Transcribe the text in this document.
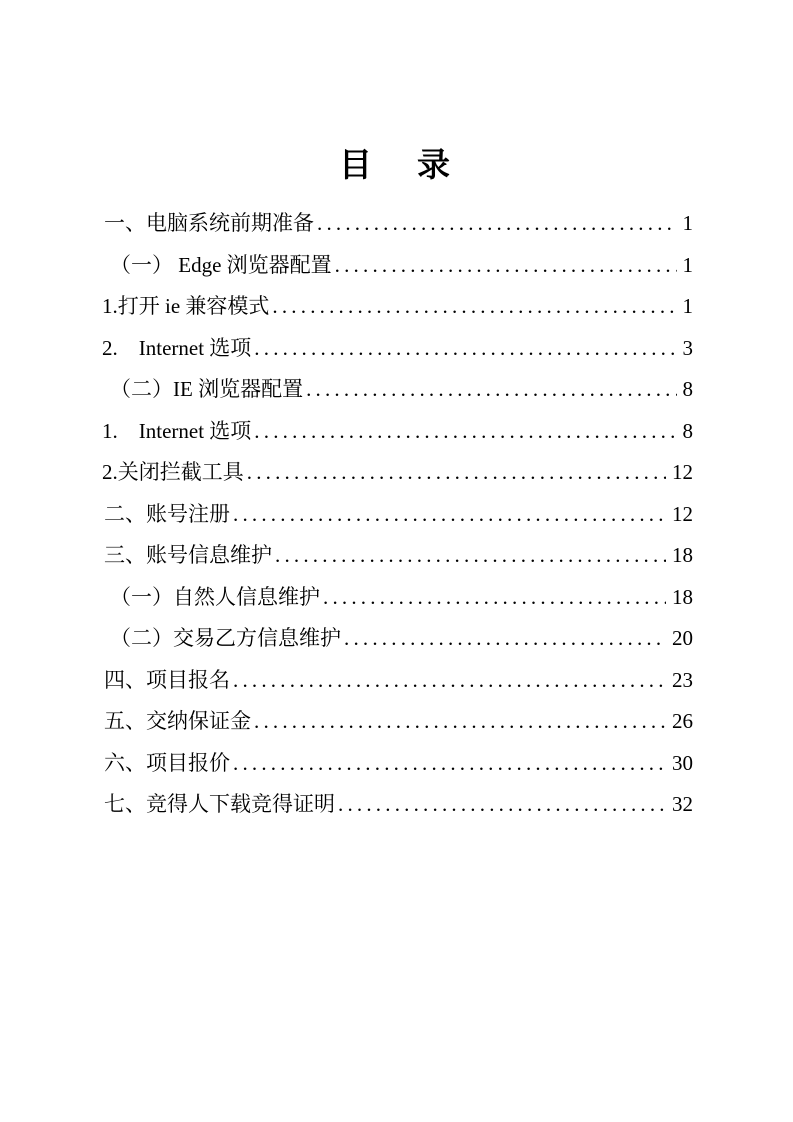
目　录
一、电脑系统前期准备 .....	1
（一） Edge 浏览器配置 .....	1
1.打开 ie 兼容模式 .....	1
2.　Internet 选项 .....	3
（二）IE 浏览器配置 .....	8
1.　Internet 选项 .....	8
2.关闭拦截工具 .....	12
二、账号注册 .....	12
三、账号信息维护 .....	18
（一）自然人信息维护 .....	18
（二）交易乙方信息维护 .....	20
四、项目报名 .....	23
五、交纳保证金 .....	26
六、项目报价 .....	30
七、竞得人下载竞得证明 .....	32
